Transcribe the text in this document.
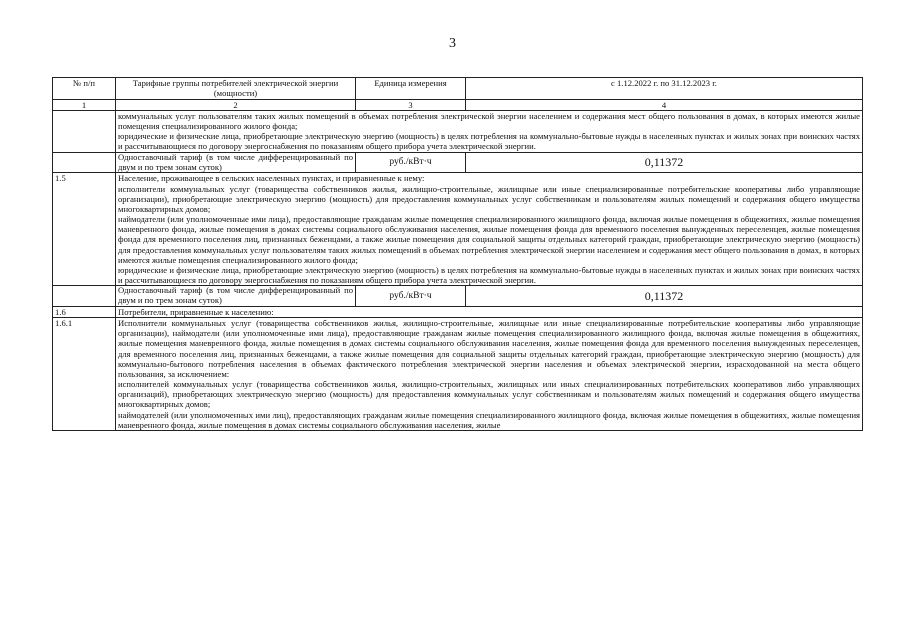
3
№ п/п	Тарифные группы потребителей электрической энергии (мощности)	Единица измерения	с 1.12.2022 г. по 31.12.2023 г.
1	2	3	4
	коммунальных услуг пользователям таких жилых помещений в объемах потребления электрической энергии населением и содержания мест общего пользования в домах, в которых имеются жилые помещения специализированного жилого фонда;
юридические и физические лица, приобретающие электрическую энергию (мощность) в целях потребления на коммунально-бытовые нужды в населенных пунктах и жилых зонах при воинских частях и рассчитывающиеся по договору энергоснабжения по показаниям общего прибора учета электрической энергии.		
	Одноставочный тариф (в том числе дифференцированный по двум и по трем зонам суток)	руб./кВт·ч	0,11372
1.5	Население, проживающее в сельских населенных пунктах, и приравненные к нему:
исполнители коммунальных услуг (товарищества собственников жилья, жилищно-строительные, жилищные или иные специализированные потребительские кооперативы либо управляющие организации), приобретающие электрическую энергию (мощность) для предоставления коммунальных услуг собственникам и пользователям жилых помещений и содержания общего имущества многоквартирных домов;
наймодатели (или уполномоченные ими лица), предоставляющие гражданам жилые помещения специализированного жилищного фонда, включая жилые помещения в общежитиях, жилые помещения маневренного фонда, жилые помещения в домах системы социального обслуживания населения, жилые помещения фонда для временного поселения вынужденных переселенцев, жилые помещения фонда для временного поселения лиц, признанных беженцами, а также жилые помещения для социальной защиты отдельных категорий граждан, приобретающие электрическую энергию (мощность) для предоставления коммунальных услуг пользователям таких жилых помещений в объемах потребления электрической энергии населением и содержания мест общего пользования в домах, в которых имеются жилые помещения специализированного жилого фонда;
юридические и физические лица, приобретающие электрическую энергию (мощность) в целях потребления на коммунально-бытовые нужды в населенных пунктах и жилых зонах при воинских частях и рассчитывающиеся по договору энергоснабжения по показаниям общего прибора учета электрической энергии.		
	Одноставочный тариф (в том числе дифференцированный по двум и по трем зонам суток)	руб./кВт·ч	0,11372
1.6	Потребители, приравненные к населению:		
1.6.1	Исполнители коммунальных услуг (товарищества собственников жилья, жилищно-строительные, жилищные или иные специализированные потребительские кооперативы либо управляющие организации), наймодатели (или уполномоченные ими лица), предоставляющие гражданам жилые помещения специализированного жилищного фонда, включая жилые помещения в общежитиях, жилые помещения маневренного фонда, жилые помещения в домах системы социального обслуживания населения, жилые помещения фонда для временного поселения вынужденных переселенцев, для временного поселения лиц, признанных беженцами, а также жилые помещения для социальной защиты отдельных категорий граждан, приобретающие электрическую энергию (мощность) для коммунально-бытового потребления населения в объемах фактического потребления электрической энергии населения и объемах электрической энергии, израсходованной на места общего пользования, за исключением:
исполнителей коммунальных услуг (товарищества собственников жилья, жилищно-строительных, жилищных или иных специализированных потребительских кооперативов либо управляющих организаций), приобретающих электрическую энергию (мощность) для предоставления коммунальных услуг собственникам и пользователям жилых помещений и содержания общего имущества многоквартирных домов;
наймодателей (или уполномоченных ими лиц), предоставляющих гражданам жилые помещения специализированного жилищного фонда, включая жилые помещения в общежитиях, жилые помещения маневренного фонда, жилые помещения в домах системы социального обслуживания населения, жилые		
